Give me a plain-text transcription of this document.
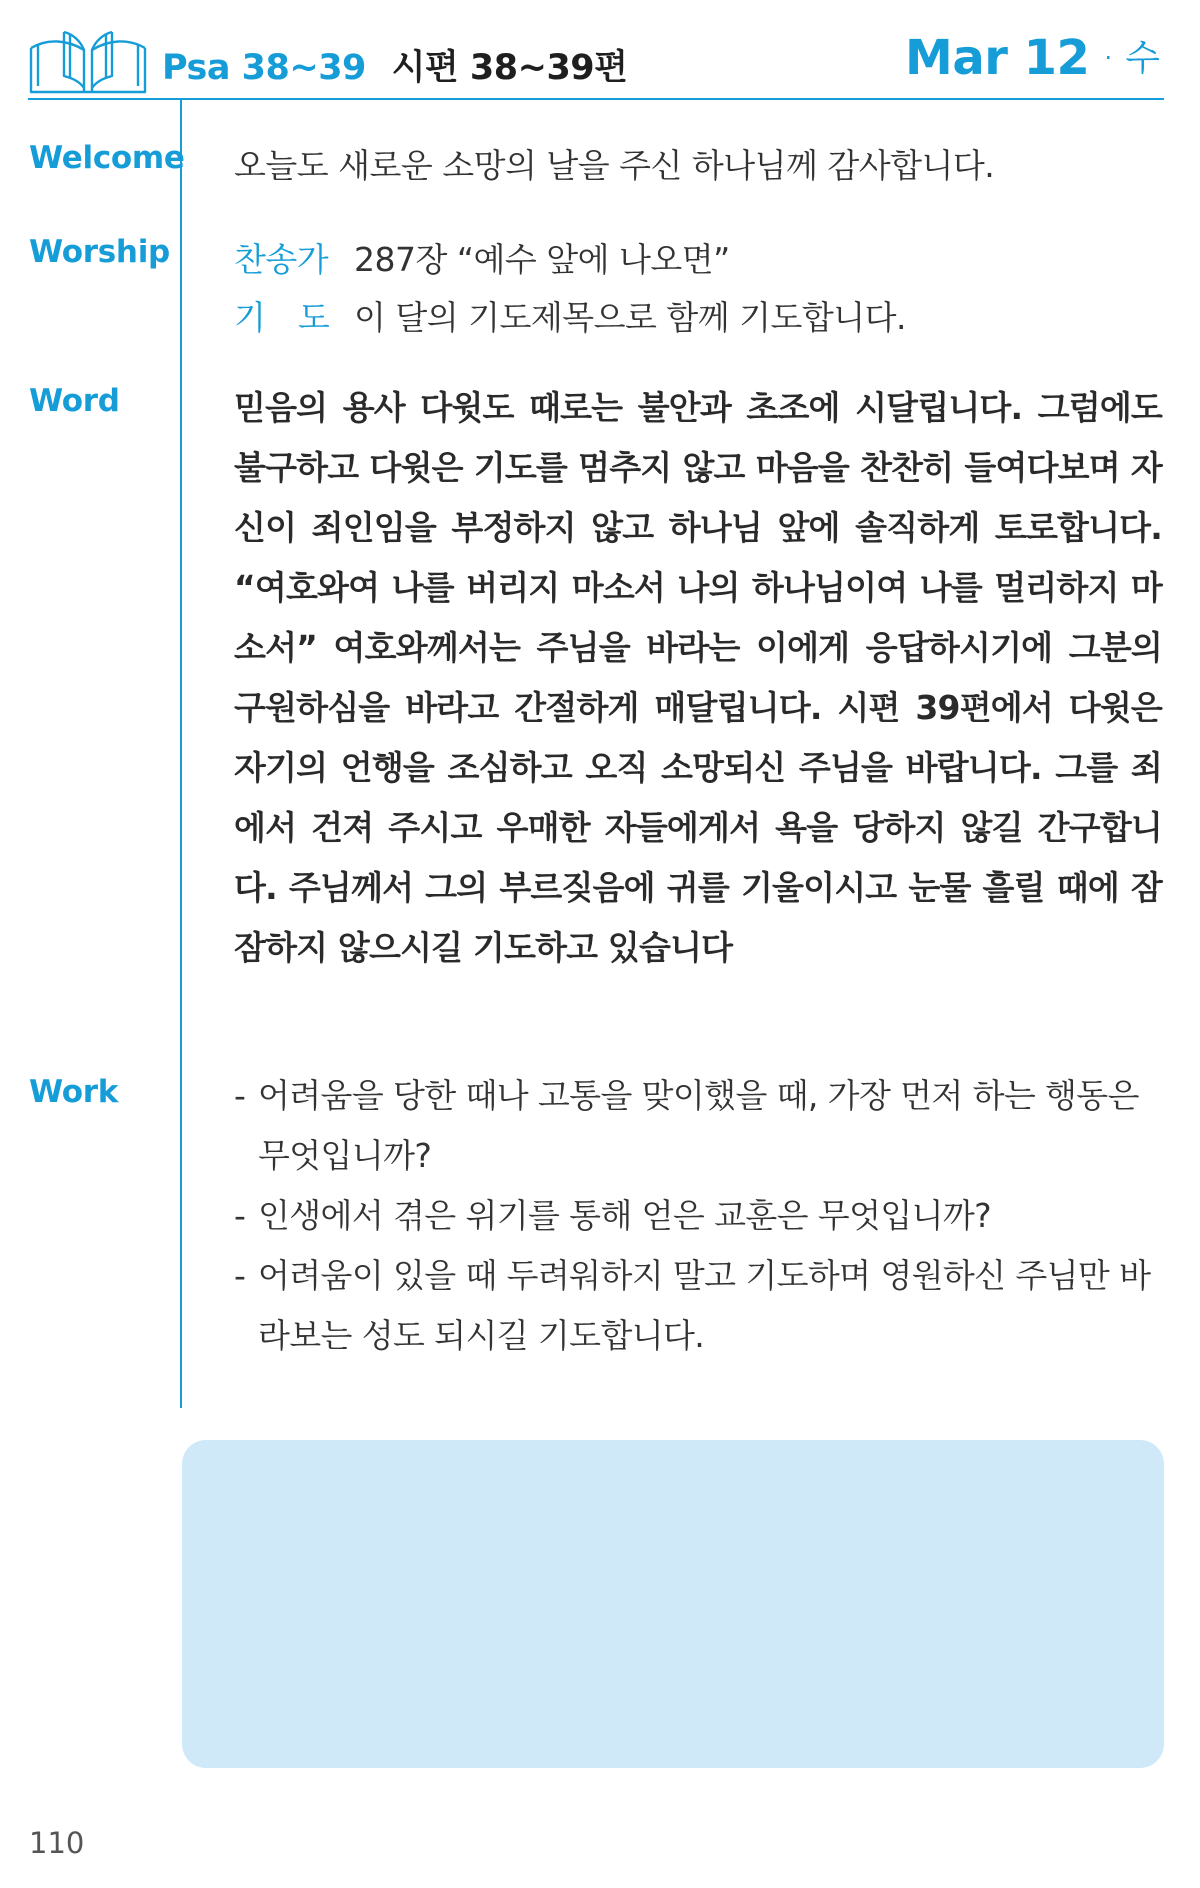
Psa 38~39 시편 38~39편	Mar 12 · 수
Welcome 오늘도 새로운 소망의 날을 주신 하나님께 감사합니다.
Worship 찬송가 287장 “예수 앞에 나오면”
기　도 이 달의 기도제목으로 함께 기도합니다.
Word	믿음의 용사 다윗도 때로는 불안과 초조에 시달립니다. 그럼에도 불구하고 다윗은 기도를 멈추지 않고 마음을 찬찬히 들여다보며 자신이 죄인임을 부정하지 않고 하나님 앞에 솔직하게 토로합니다. “여호와여 나를 버리지 마소서 나의 하나님이여 나를 멀리하지 마소서” 여호와께서는 주님을 바라는 이에게 응답하시기에 그분의 구원하심을 바라고 간절하게 매달립니다. 시편 39편에서 다윗은 자기의 언행을 조심하고 오직 소망되신 주님을 바랍니다. 그를 죄에서 건져 주시고 우매한 자들에게서 욕을 당하지 않길 간구합니다. 주님께서 그의 부르짖음에 귀를 기울이시고 눈물 흘릴 때에 잠잠하지 않으시길 기도하고 있습니다
Work	- 어려움을 당한 때나 고통을 맞이했을 때, 가장 먼저 하는 행동은 무엇입니까?
- 인생에서 겪은 위기를 통해 얻은 교훈은 무엇입니까?
- 어려움이 있을 때 두려워하지 말고 기도하며 영원하신 주님만 바라보는 성도 되시길 기도합니다.
110
